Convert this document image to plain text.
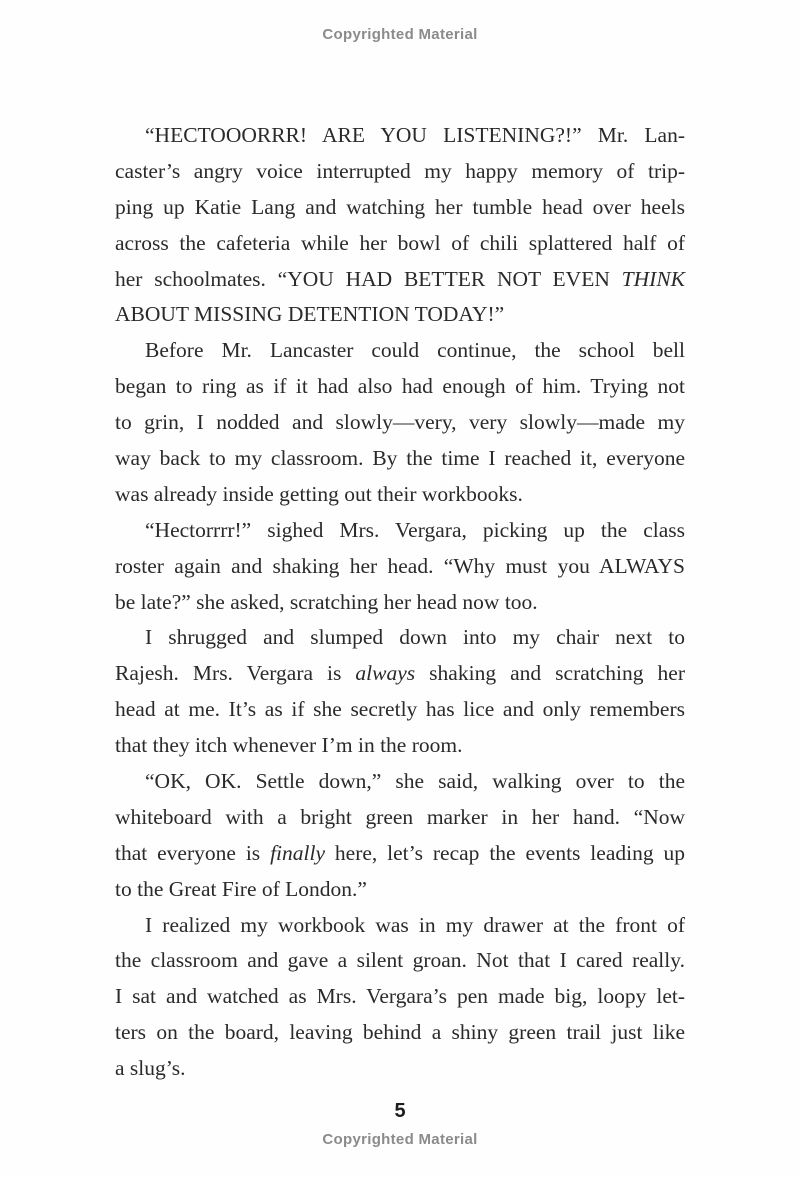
Copyrighted Material
“HECTOOORRR! ARE YOU LISTENING?!” Mr. Lan-
caster’s angry voice interrupted my happy memory of trip-
ping up Katie Lang and watching her tumble head over heels
across the cafeteria while her bowl of chili splattered half of
her schoolmates. “YOU HAD BETTER NOT EVEN THINK
ABOUT MISSING DETENTION TODAY!”
Before Mr. Lancaster could continue, the school bell
began to ring as if it had also had enough of him. Trying not
to grin, I nodded and slowly—very, very slowly—made my
way back to my classroom. By the time I reached it, everyone
was already inside getting out their workbooks.
“Hectorrrr!” sighed Mrs. Vergara, picking up the class
roster again and shaking her head. “Why must you ALWAYS
be late?” she asked, scratching her head now too.
I shrugged and slumped down into my chair next to
Rajesh. Mrs. Vergara is always shaking and scratching her
head at me. It’s as if she secretly has lice and only remembers
that they itch whenever I’m in the room.
“OK, OK. Settle down,” she said, walking over to the
whiteboard with a bright green marker in her hand. “Now
that everyone is finally here, let’s recap the events leading up
to the Great Fire of London.”
I realized my workbook was in my drawer at the front of
the classroom and gave a silent groan. Not that I cared really.
I sat and watched as Mrs. Vergara’s pen made big, loopy let-
ters on the board, leaving behind a shiny green trail just like
a slug’s.
5
Copyrighted Material
